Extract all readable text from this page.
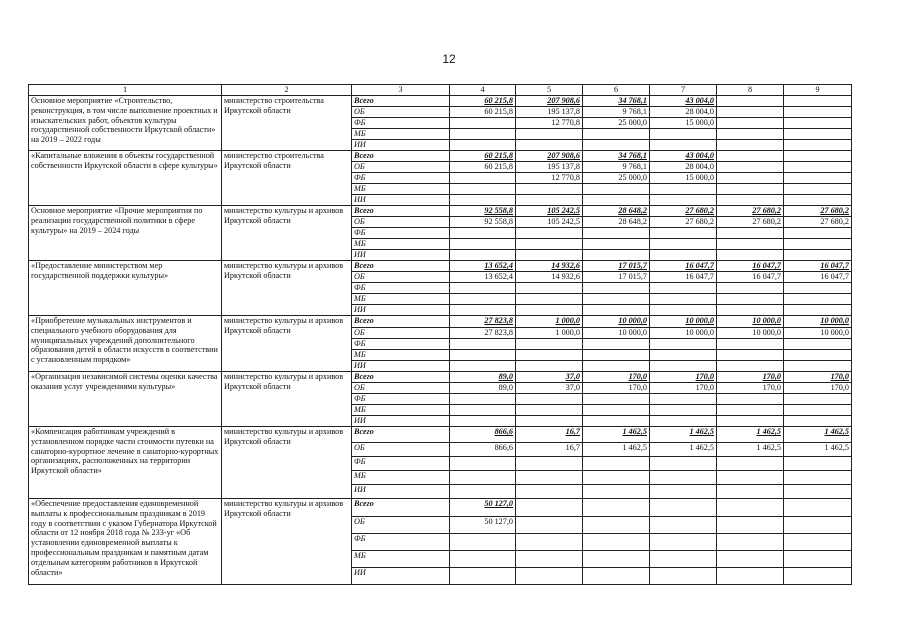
12
1	2	3	4	5	6	7	8	9
Основное мероприятие «Строительство, реконструкция, в том числе выполнение проектных и изыскательских работ, объектов культуры государственной собственности Иркутской области» на 2019 – 2022 годы	министерство строительства Иркутской области	Всего	60 215,8	207 908,6	34 768,1	43 004,0		
		ОБ	60 215,8	195 137,8	9 768,1	28 004,0		
		ФБ		12 770,8	25 000,0	15 000,0		
		МБ						
		ИИ						
«Капитальные вложения в объекты государственной собственности Иркутской области в сфере культуры»	министерство строительства Иркутской области	Всего	60 215,8	207 908,6	34 768,1	43 004,0		
		ОБ	60 215,8	195 137,8	9 768,1	28 004,0		
		ФБ		12 770,8	25 000,0	15 000,0		
		МБ						
		ИИ						
Основное мероприятие «Прочие мероприятия по реализации государственной политики в сфере культуры» на 2019 – 2024 годы	министерство культуры и архивов Иркутской области	Всего	92 558,8	105 242,5	28 648,2	27 680,2	27 680,2	27 680,2
		ОБ	92 558,8	105 242,5	28 648,2	27 680,2	27 680,2	27 680,2
		ФБ						
		МБ						
		ИИ						
«Предоставление министерством мер государственной поддержки культуры»	министерство культуры и архивов Иркутской области	Всего	13 652,4	14 932,6	17 015,7	16 047,7	16 047,7	16 047,7
		ОБ	13 652,4	14 932,6	17 015,7	16 047,7	16 047,7	16 047,7
		ФБ						
		МБ						
		ИИ						
«Приобретение музыкальных инструментов и специального учебного оборудования для муниципальных учреждений дополнительного образования детей в области искусств в соответствии с установленным порядком»	министерство культуры и архивов Иркутской области	Всего	27 823,8	1 000,0	10 000,0	10 000,0	10 000,0	10 000,0
		ОБ	27 823,8	1 000,0	10 000,0	10 000,0	10 000,0	10 000,0
		ФБ						
		МБ						
		ИИ						
«Организация независимой системы оценки качества оказания услуг учреждениями культуры»	министерство культуры и архивов Иркутской области	Всего	89,0	37,0	170,0	170,0	170,0	170,0
		ОБ	89,0	37,0	170,0	170,0	170,0	170,0
		ФБ						
		МБ						
		ИИ						
«Компенсация работникам учреждений в установленном порядке части стоимости путевки на санаторно-курортное лечение в санаторно-курортных организациях, расположенных на территории Иркутской области»	министерство культуры и архивов Иркутской области	Всего	866,6	16,7	1 462,5	1 462,5	1 462,5	1 462,5
		ОБ	866,6	16,7	1 462,5	1 462,5	1 462,5	1 462,5
		ФБ						
		МБ						
		ИИ						
«Обеспечение предоставления единовременной выплаты к профессиональным праздникам в 2019 году в соответствии с указом Губернатора Иркутской области от 12 ноября 2018 года № 233-уг «Об установлении единовременной выплаты к профессиональным праздникам и памятным датам отдельным категориям работников в Иркутской области»	министерство культуры и архивов Иркутской области	Всего	50 127,0					
		ОБ	50 127,0					
		ФБ						
		МБ						
		ИИ						
